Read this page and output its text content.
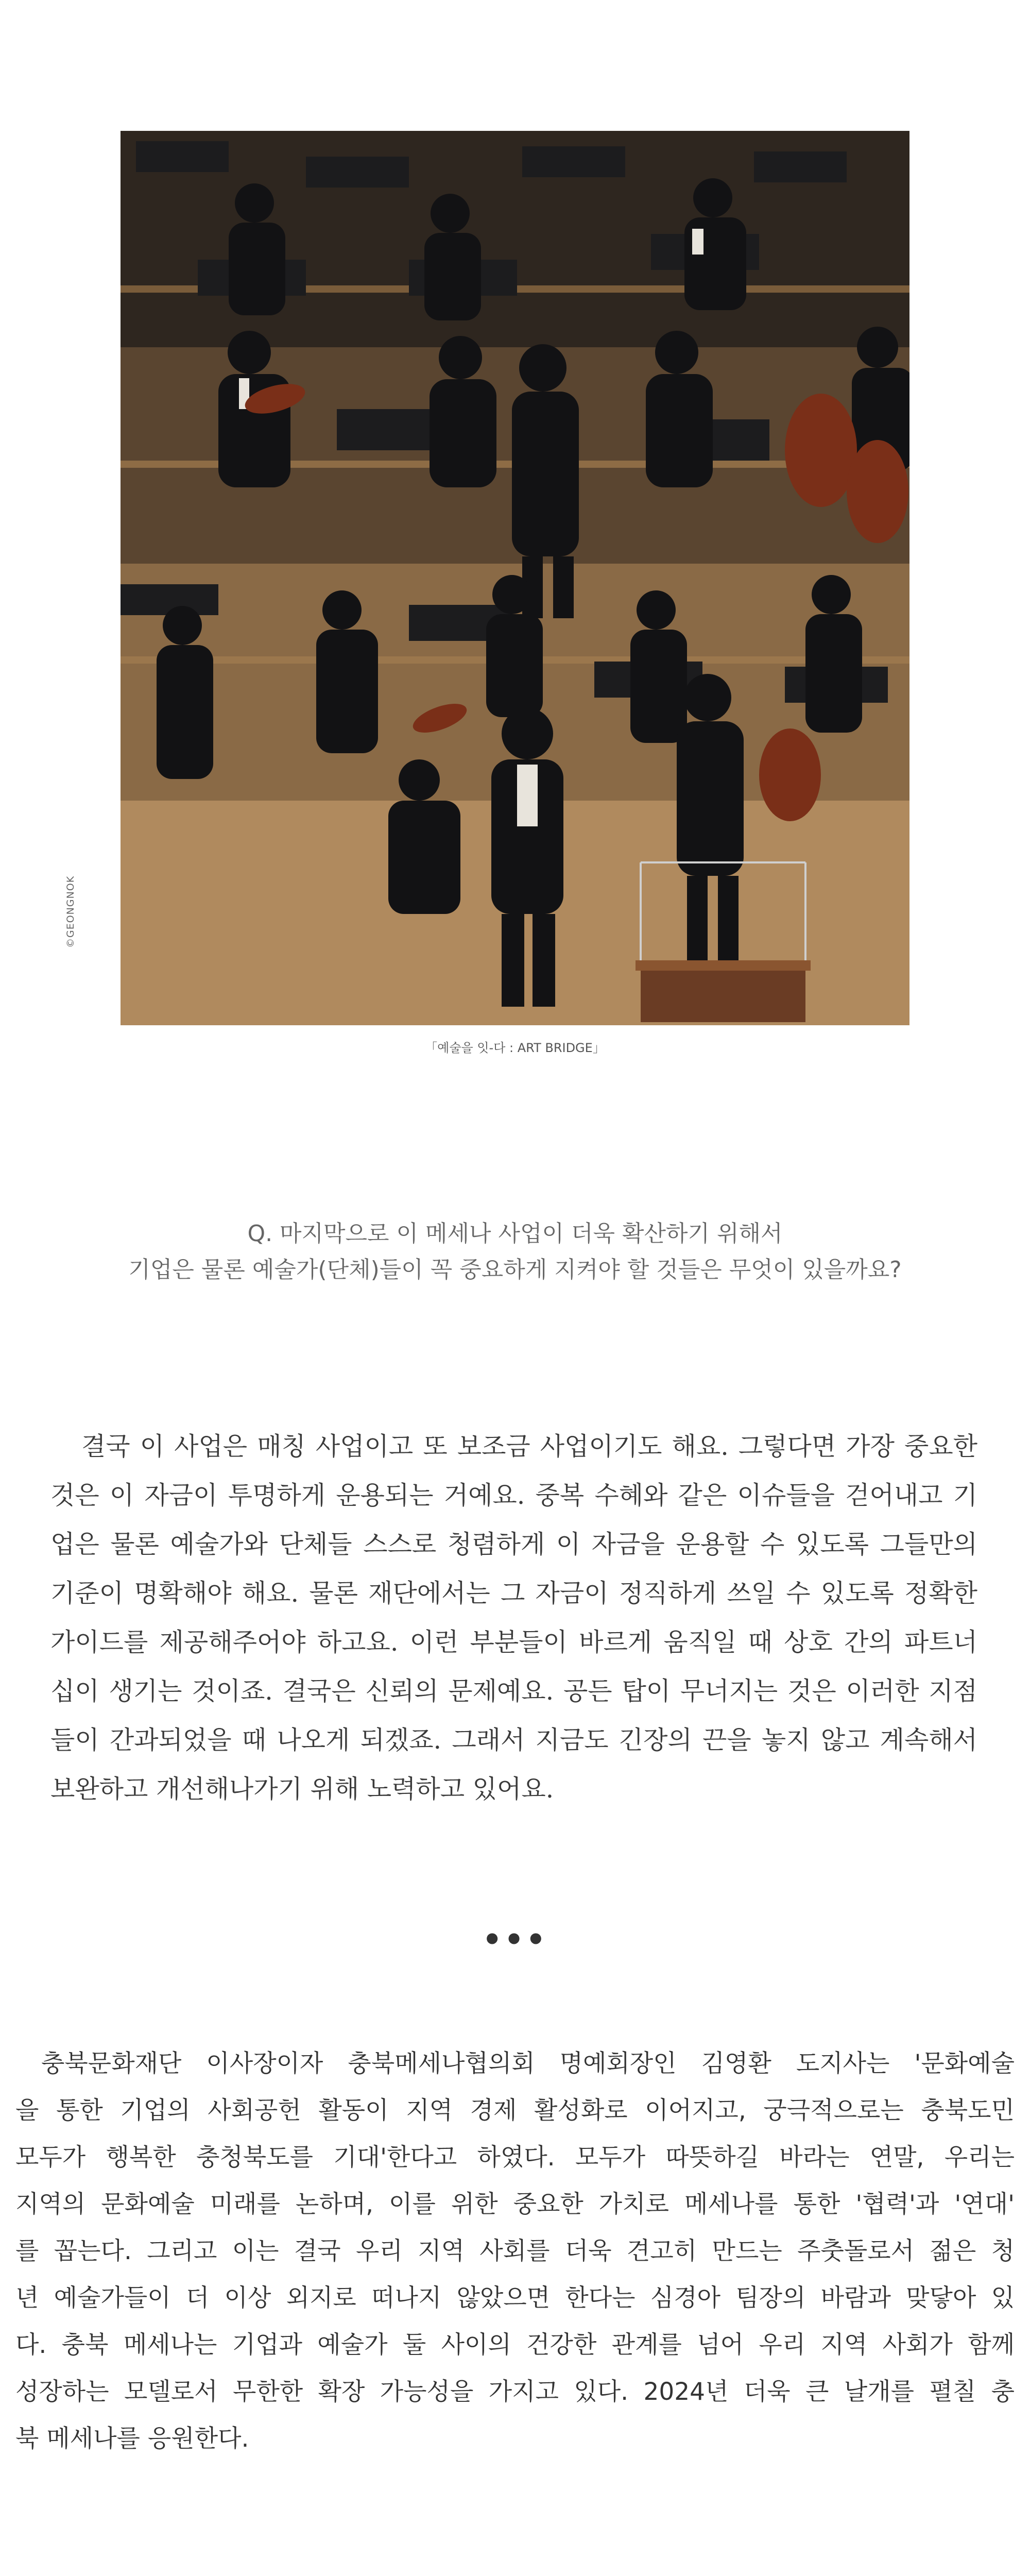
©GEONGNOK
「예술을 잇-다 : ART BRIDGE」
Q. 마지막으로 이 메세나 사업이 더욱 확산하기 위해서
기업은 물론 예술가(단체)들이 꼭 중요하게 지켜야 할 것들은 무엇이 있을까요?
결국 이 사업은 매칭 사업이고 또 보조금 사업이기도 해요. 그렇다면 가장 중요한
것은 이 자금이 투명하게 운용되는 거예요. 중복 수혜와 같은 이슈들을 걷어내고 기
업은 물론 예술가와 단체들 스스로 청렴하게 이 자금을 운용할 수 있도록 그들만의
기준이 명확해야 해요. 물론 재단에서는 그 자금이 정직하게 쓰일 수 있도록 정확한
가이드를 제공해주어야 하고요. 이런 부분들이 바르게 움직일 때 상호 간의 파트너
십이 생기는 것이죠. 결국은 신뢰의 문제예요. 공든 탑이 무너지는 것은 이러한 지점
들이 간과되었을 때 나오게 되겠죠. 그래서 지금도 긴장의 끈을 놓지 않고 계속해서
보완하고 개선해나가기 위해 노력하고 있어요.
•••
충북문화재단 이사장이자 충북메세나협의회 명예회장인 김영환 도지사는 '문화예술
을 통한 기업의 사회공헌 활동이 지역 경제 활성화로 이어지고, 궁극적으로는 충북도민
모두가 행복한 충청북도를 기대'한다고 하였다. 모두가 따뜻하길 바라는 연말, 우리는
지역의 문화예술 미래를 논하며, 이를 위한 중요한 가치로 메세나를 통한 '협력'과 '연대'
를 꼽는다. 그리고 이는 결국 우리 지역 사회를 더욱 견고히 만드는 주춧돌로서 젊은 청
년 예술가들이 더 이상 외지로 떠나지 않았으면 한다는 심경아 팀장의 바람과 맞닿아 있
다. 충북 메세나는 기업과 예술가 둘 사이의 건강한 관계를 넘어 우리 지역 사회가 함께
성장하는 모델로서 무한한 확장 가능성을 가지고 있다. 2024년 더욱 큰 날개를 펼칠 충
북 메세나를 응원한다.
